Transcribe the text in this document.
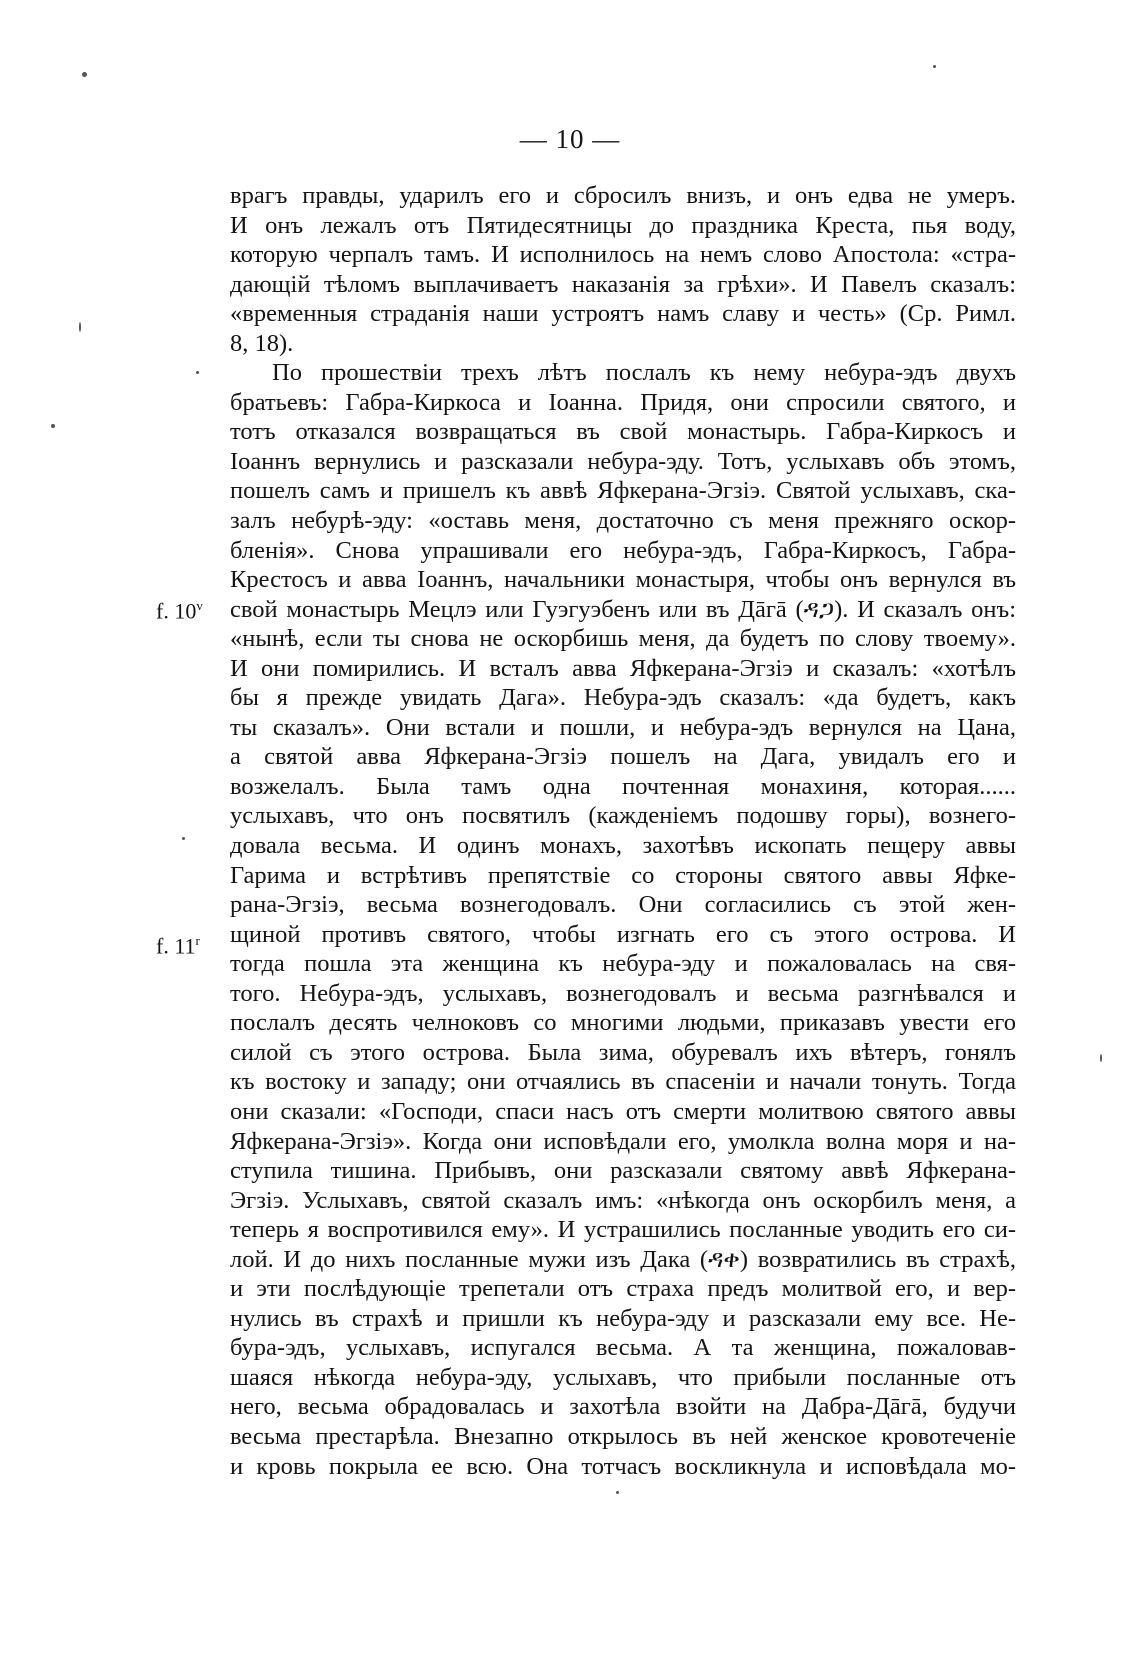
— 10 —
f. 10$^v$
f. 11$^r$
врагъ правды, ударилъ его и сбросилъ внизъ, и онъ едва не умеръ.
И онъ лежалъ отъ Пятидесятницы до праздника Креста, пья воду,
которую черпалъ тамъ. И исполнилось на немъ слово Апостола: «стра-
дающій тѣломъ выплачиваетъ наказанія за грѣхи». И Павелъ сказалъ:
«временныя страданія наши устроятъ намъ славу и честь» (Ср. Римл.
8, 18).
По прошествіи трехъ лѣтъ послалъ къ нему небура-эдъ двухъ
братьевъ: Габра-Киркоса и Іоанна. Придя, они спросили святого, и
тотъ отказался возвращаться въ свой монастырь. Габра-Киркосъ и
Іоаннъ вернулись и разсказали небура-эду. Тотъ, услыхавъ объ этомъ,
пошелъ самъ и пришелъ къ аввѣ Яфкерана-Эгзіэ. Святой услыхавъ, ска-
залъ небурѣ-эду: «оставь меня, достаточно съ меня прежняго оскор-
бленія». Снова упрашивали его небура-эдъ, Габра-Киркосъ, Габра-
Крестосъ и авва Іоаннъ, начальники монастыря, чтобы онъ вернулся въ
свой монастырь Мецлэ или Гуэгуэбенъ или въ Дāгā (ዳጋ). И сказалъ онъ:
«нынѣ, если ты снова не оскорбишь меня, да будетъ по слову твоему».
И они помирились. И всталъ авва Яфкерана-Эгзіэ и сказалъ: «хотѣлъ
бы я прежде увидать Дага». Небура-эдъ сказалъ: «да будетъ, какъ
ты сказалъ». Они встали и пошли, и небура-эдъ вернулся на Цана,
а святой авва Яфкерана-Эгзіэ пошелъ на Дага, увидалъ его и
возжелалъ. Была тамъ одна почтенная монахиня, которая......
услыхавъ, что онъ посвятилъ (кажденіемъ подошву горы), вознего-
довала весьма. И одинъ монахъ, захотѣвъ ископать пещеру аввы
Гарима и встрѣтивъ препятствіе со стороны святого аввы Яфке-
рана-Эгзіэ, весьма вознегодовалъ. Они согласились съ этой жен-
щиной противъ святого, чтобы изгнать его съ этого острова. И
тогда пошла эта женщина къ небура-эду и пожаловалась на свя-
того. Небура-эдъ, услыхавъ, вознегодовалъ и весьма разгнѣвался и
послалъ десять челноковъ со многими людьми, приказавъ увести его
силой съ этого острова. Была зима, обуревалъ ихъ вѣтеръ, гонялъ
къ востоку и западу; они отчаялись въ спасеніи и начали тонуть. Тогда
они сказали: «Господи, спаси насъ отъ смерти молитвою святого аввы
Яфкерана-Эгзіэ». Когда они исповѣдали его, умолкла волна моря и на-
ступила тишина. Прибывъ, они разсказали святому аввѣ Яфкерана-
Эгзіэ. Услыхавъ, святой сказалъ имъ: «нѣкогда онъ оскорбилъ меня, а
теперь я воспротивился ему». И устрашились посланные уводить его си-
лой. И до нихъ посланные мужи изъ Дака (ዳቀ) возвратились въ страхѣ,
и эти послѣдующіе трепетали отъ страха предъ молитвой его, и вер-
нулись въ страхѣ и пришли къ небура-эду и разсказали ему все. Не-
бура-эдъ, услыхавъ, испугался весьма. А та женщина, пожаловав-
шаяся нѣкогда небура-эду, услыхавъ, что прибыли посланные отъ
него, весьма обрадовалась и захотѣла взойти на Дабра-Дāгā, будучи
весьма престарѣла. Внезапно открылось въ ней женское кровотеченіе
и кровь покрыла ее всю. Она тотчасъ воскликнула и исповѣдала мо-
